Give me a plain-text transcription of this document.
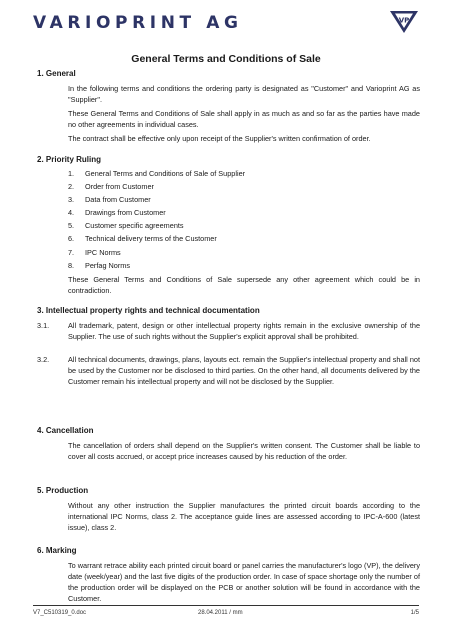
VARIOPRINT AG	VP
General Terms and Conditions of Sale
1. General

In the following terms and conditions the ordering party is designated as "Customer" and Varioprint AG as "Supplier".

These General Terms and Conditions of Sale shall apply in as much as and so far as the parties have made no other agreements in individual cases.

The contract shall be effective only upon receipt of the Supplier's written confirmation of order.

2. Priority Ruling
1. General Terms and Conditions of Sale of Supplier
2. Order from Customer
3. Data from Customer
4. Drawings from Customer
5. Customer specific agreements
6. Technical delivery terms of the Customer
7. IPC Norms
8. Perfag Norms
These General Terms and Conditions of Sale supersede any other agreement which could be in contradiction.
3. Intellectual property rights and technical documentation
3.1.	All trademark, patent, design or other intellectual property rights remain in the exclusive ownership of the Supplier. The use of such rights without the Supplier's explicit approval shall be prohibited.
3.2.	All technical documents, drawings, plans, layouts ect. remain the Supplier's intellectual property and shall not be used by the Customer nor be disclosed to third parties. On the other hand, all documents delivered by the Customer remain his intellectual property and will not be disclosed by the Supplier.
4. Cancellation
The cancellation of orders shall depend on the Supplier's written consent. The Customer shall be liable to cover all costs accrued, or accept price increases caused by his reduction of the order.
5. Production
Without any other instruction the Supplier manufactures the printed circuit boards according to the international IPC Norms, class 2. The acceptance guide lines are assessed according to IPC-A-600 (latest issue), class 2.
6. Marking
To warrant retrace ability each printed circuit board or panel carries the manufacturer's logo (VP), the delivery date (week/year) and the last five digits of the production order. In case of space shortage only the number of the production order will be displayed on the PCB or another solution will be found in accordance with the Customer.
V7_C510319_0.doc	28.04.2011 / mm	1/5
